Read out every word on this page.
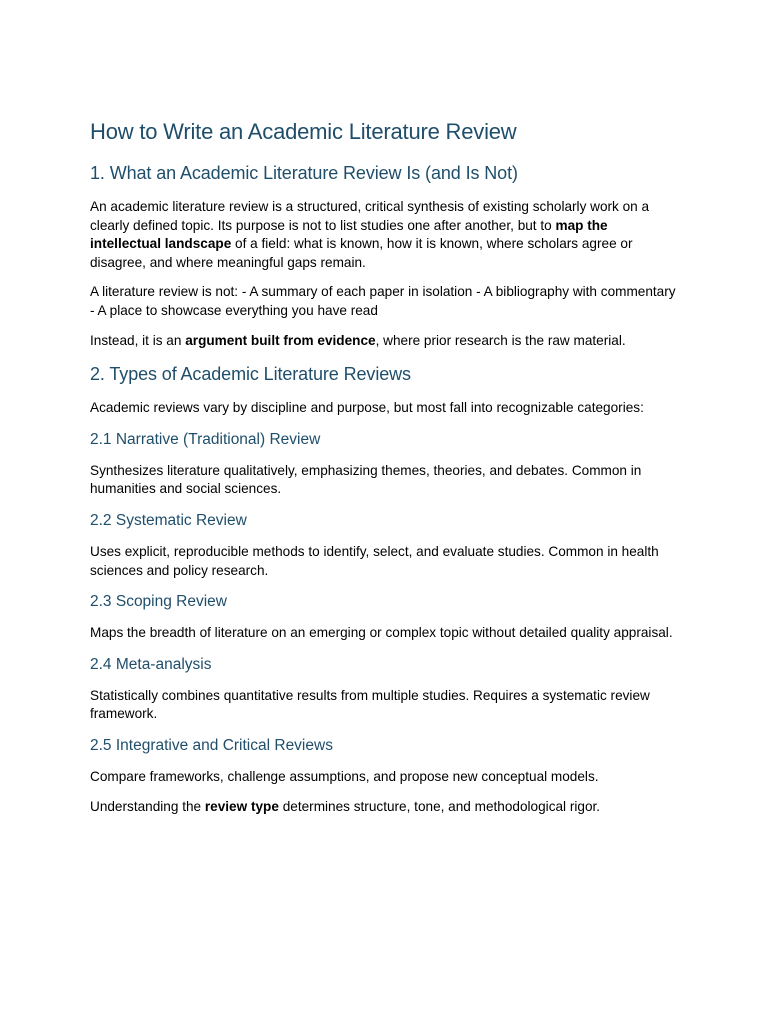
How to Write an Academic Literature Review
1. What an Academic Literature Review Is (and Is Not)

An academic literature review is a structured, critical synthesis of existing scholarly work on a clearly defined topic. Its purpose is not to list studies one after another, but to map the intellectual landscape of a field: what is known, how it is known, where scholars agree or disagree, and where meaningful gaps remain.

A literature review is not: - A summary of each paper in isolation - A bibliography with commentary - A place to showcase everything you have read

Instead, it is an argument built from evidence, where prior research is the raw material.

2. Types of Academic Literature Reviews

Academic reviews vary by discipline and purpose, but most fall into recognizable categories:

2.1 Narrative (Traditional) Review

Synthesizes literature qualitatively, emphasizing themes, theories, and debates. Common in humanities and social sciences.

2.2 Systematic Review

Uses explicit, reproducible methods to identify, select, and evaluate studies. Common in health sciences and policy research.

2.3 Scoping Review

Maps the breadth of literature on an emerging or complex topic without detailed quality appraisal.

2.4 Meta-analysis

Statistically combines quantitative results from multiple studies. Requires a systematic review framework.

2.5 Integrative and Critical Reviews

Compare frameworks, challenge assumptions, and propose new conceptual models.

Understanding the review type determines structure, tone, and methodological rigor.
